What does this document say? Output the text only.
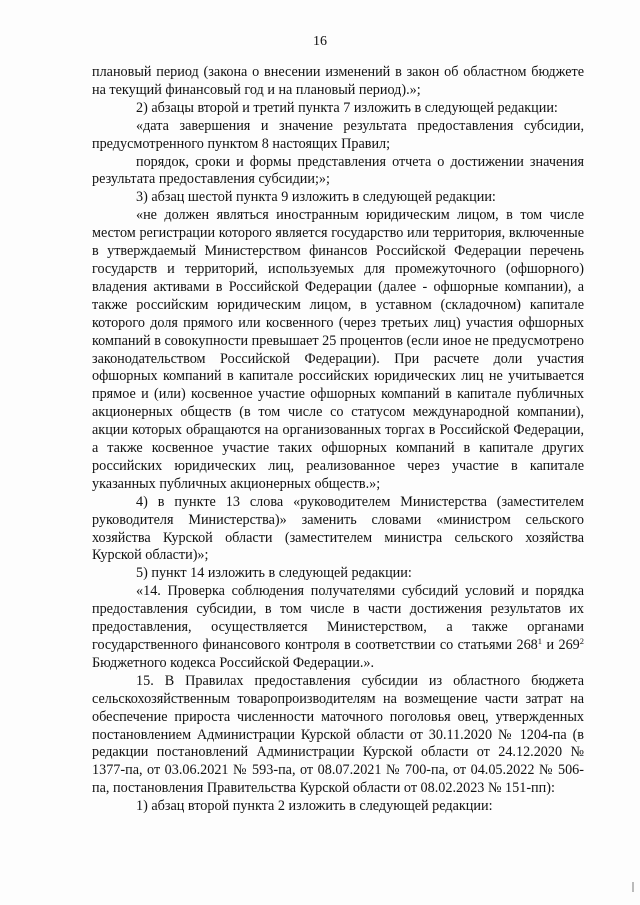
16

плановый период (закона о внесении изменений в закон об областном бюджете на текущий финансовый год и на плановый период).»;

2) абзацы второй и третий пункта 7 изложить в следующей редакции:

«дата завершения и значение результата предоставления субсидии, предусмотренного пунктом 8 настоящих Правил;

порядок, сроки и формы представления отчета о достижении значения результата предоставления субсидии;»;

3) абзац шестой пункта 9 изложить в следующей редакции:

«не должен являться иностранным юридическим лицом, в том числе местом регистрации которого является государство или территория, включенные в утверждаемый Министерством финансов Российской Федерации перечень государств и территорий, используемых для промежуточного (офшорного) владения активами в Российской Федерации (далее - офшорные компании), а также российским юридическим лицом, в уставном (складочном) капитале которого доля прямого или косвенного (через третьих лиц) участия офшорных компаний в совокупности превышает 25 процентов (если иное не предусмотрено законодательством Российской Федерации). При расчете доли участия офшорных компаний в капитале российских юридических лиц не учитывается прямое и (или) косвенное участие офшорных компаний в капитале публичных акционерных обществ (в том числе со статусом международной компании), акции которых обращаются на организованных торгах в Российской Федерации, а также косвенное участие таких офшорных компаний в капитале других российских юридических лиц, реализованное через участие в капитале указанных публичных акционерных обществ.»;

4) в пункте 13 слова «руководителем Министерства (заместителем руководителя Министерства)» заменить словами «министром сельского хозяйства Курской области (заместителем министра сельского хозяйства Курской области)»;

5) пункт 14 изложить в следующей редакции:

«14. Проверка соблюдения получателями субсидий условий и порядка предоставления субсидии, в том числе в части достижения результатов их предоставления, осуществляется Министерством, а также органами государственного финансового контроля в соответствии со статьями $268^1$ и $269^2$ Бюджетного кодекса Российской Федерации.».

15. В Правилах предоставления субсидии из областного бюджета сельскохозяйственным товаропроизводителям на возмещение части затрат на обеспечение прироста численности маточного поголовья овец, утвержденных постановлением Администрации Курской области от 30.11.2020 № 1204-па (в редакции постановлений Администрации Курской области от 24.12.2020 № 1377-па, от 03.06.2021 № 593-па, от 08.07.2021 № 700-па, от 04.05.2022 № 506-па, постановления Правительства Курской области от 08.02.2023 № 151-пп):

1) абзац второй пункта 2 изложить в следующей редакции:
